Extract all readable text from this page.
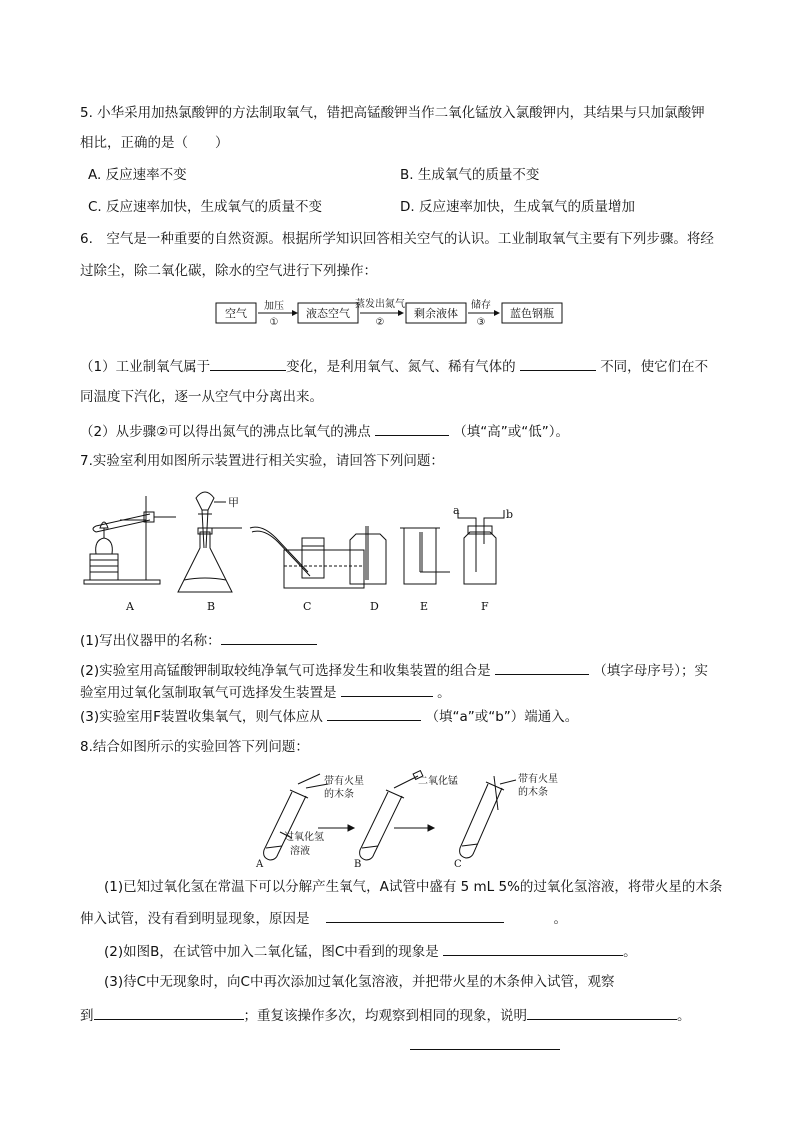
5. 小华采用加热氯酸钾的方法制取氧气，错把高锰酸钾当作二氧化锰放入氯酸钾内，其结果与只加氯酸钾
相比，正确的是（　　）
A. 反应速率不变	B. 生成氧气的质量不变
C. 反应速率加快，生成氧气的质量不变	D. 反应速率加快，生成氧气的质量增加
6.　空气是一种重要的自然资源。根据所学知识回答相关空气的认识。工业制取氧气主要有下列步骤。将经
过除尘，除二氧化碳，除水的空气进行下列操作：
空气
加压
①
液态空气
蒸发出氮气
②
剩余液体
储存
③
蓝色钢瓶
（1）工业制氧气属于	变化，是利用氧气、氮气、稀有气体的	不同，使它们在不
同温度下汽化，逐一从空气中分离出来。
（2）从步骤②可以得出氮气的沸点比氧气的沸点	（填“高”或“低”）。
7.实验室利用如图所示装置进行相关实验，请回答下列问题：
甲
a	b
A	B	C	D	E	F
(1)写出仪器甲的名称：
(2)实验室用高锰酸钾制取较纯净氧气可选择发生和收集装置的组合是	（填字母序号）；实
验室用过氧化氢制取氧气可选择发生装置是	。
(3)实验室用F装置收集氧气，则气体应从	（填“a”或“b”）端通入。
8.结合如图所示的实验回答下列问题：
带有火星
的木条
二氧化锰	带有火星
的木条
过氧化氢
溶液
A	B	C
(1)已知过氧化氢在常温下可以分解产生氧气，A试管中盛有 5 mL 5%的过氧化氢溶液，将带火星的木条
伸入试管，没有看到明显现象，原因是	。
(2)如图B，在试管中加入二氧化锰，图C中看到的现象是	。
(3)待C中无现象时，向C中再次添加过氧化氢溶液，并把带火星的木条伸入试管，观察
到	；重复该操作多次，均观察到相同的现象，说明	。
